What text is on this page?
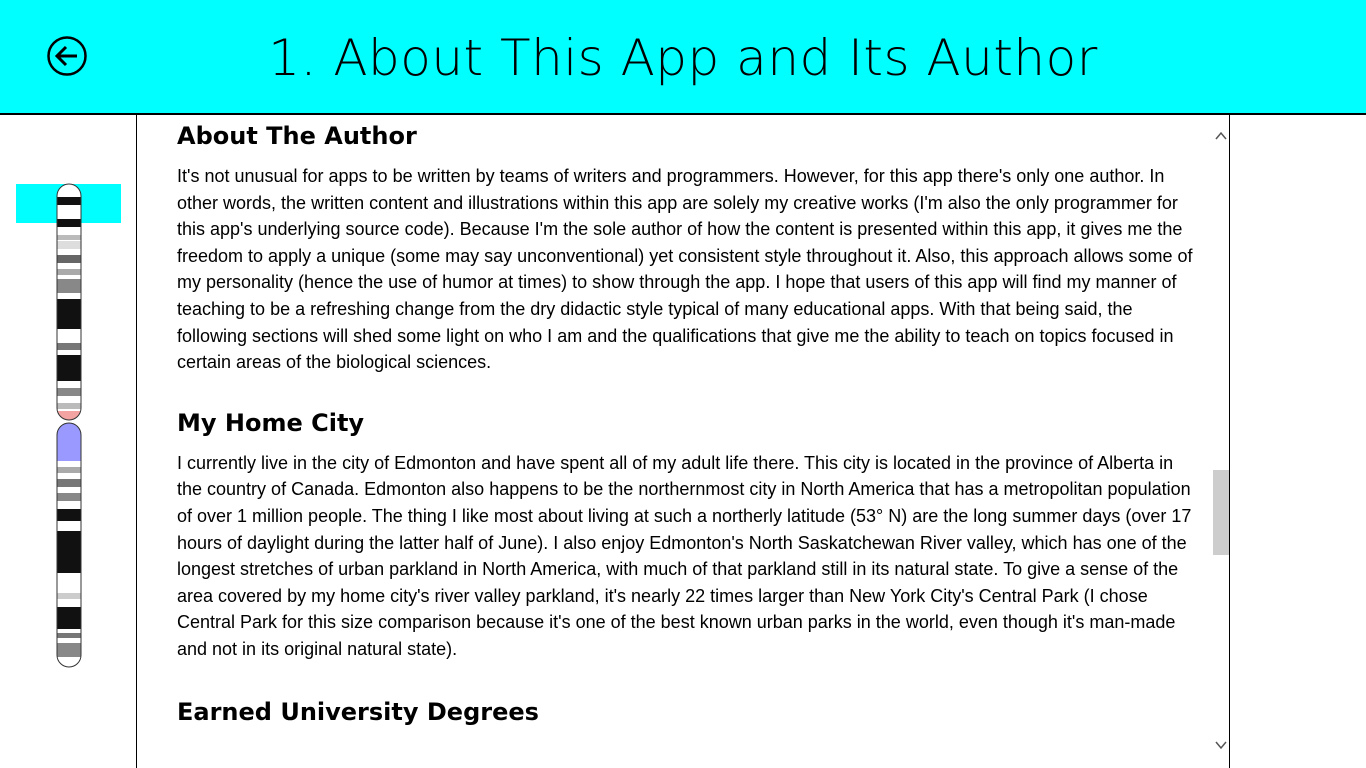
1. About This App and Its Author
About The Author

It's not unusual for apps to be written by teams of writers and programmers. However, for this app there's only one author. In other words, the written content and illustrations within this app are solely my creative works (I'm also the only programmer for this app's underlying source code). Because I'm the sole author of how the content is presented within this app, it gives me the freedom to apply a unique (some may say unconventional) yet consistent style throughout it. Also, this approach allows some of my personality (hence the use of humor at times) to show through the app. I hope that users of this app will find my manner of teaching to be a refreshing change from the dry didactic style typical of many educational apps. With that being said, the following sections will shed some light on who I am and the qualifications that give me the ability to teach on topics focused in certain areas of the biological sciences.

My Home City

I currently live in the city of Edmonton and have spent all of my adult life there. This city is located in the province of Alberta in the country of Canada. Edmonton also happens to be the northernmost city in North America that has a metropolitan population of over 1 million people. The thing I like most about living at such a northerly latitude (53° N) are the long summer days (over 17 hours of daylight during the latter half of June). I also enjoy Edmonton's North Saskatchewan River valley, which has one of the longest stretches of urban parkland in North America, with much of that parkland still in its natural state. To give a sense of the area covered by my home city's river valley parkland, it's nearly 22 times larger than New York City's Central Park (I chose Central Park for this size comparison because it's one of the best known urban parks in the world, even though it's man-made and not in its original natural state).

Earned University Degrees
